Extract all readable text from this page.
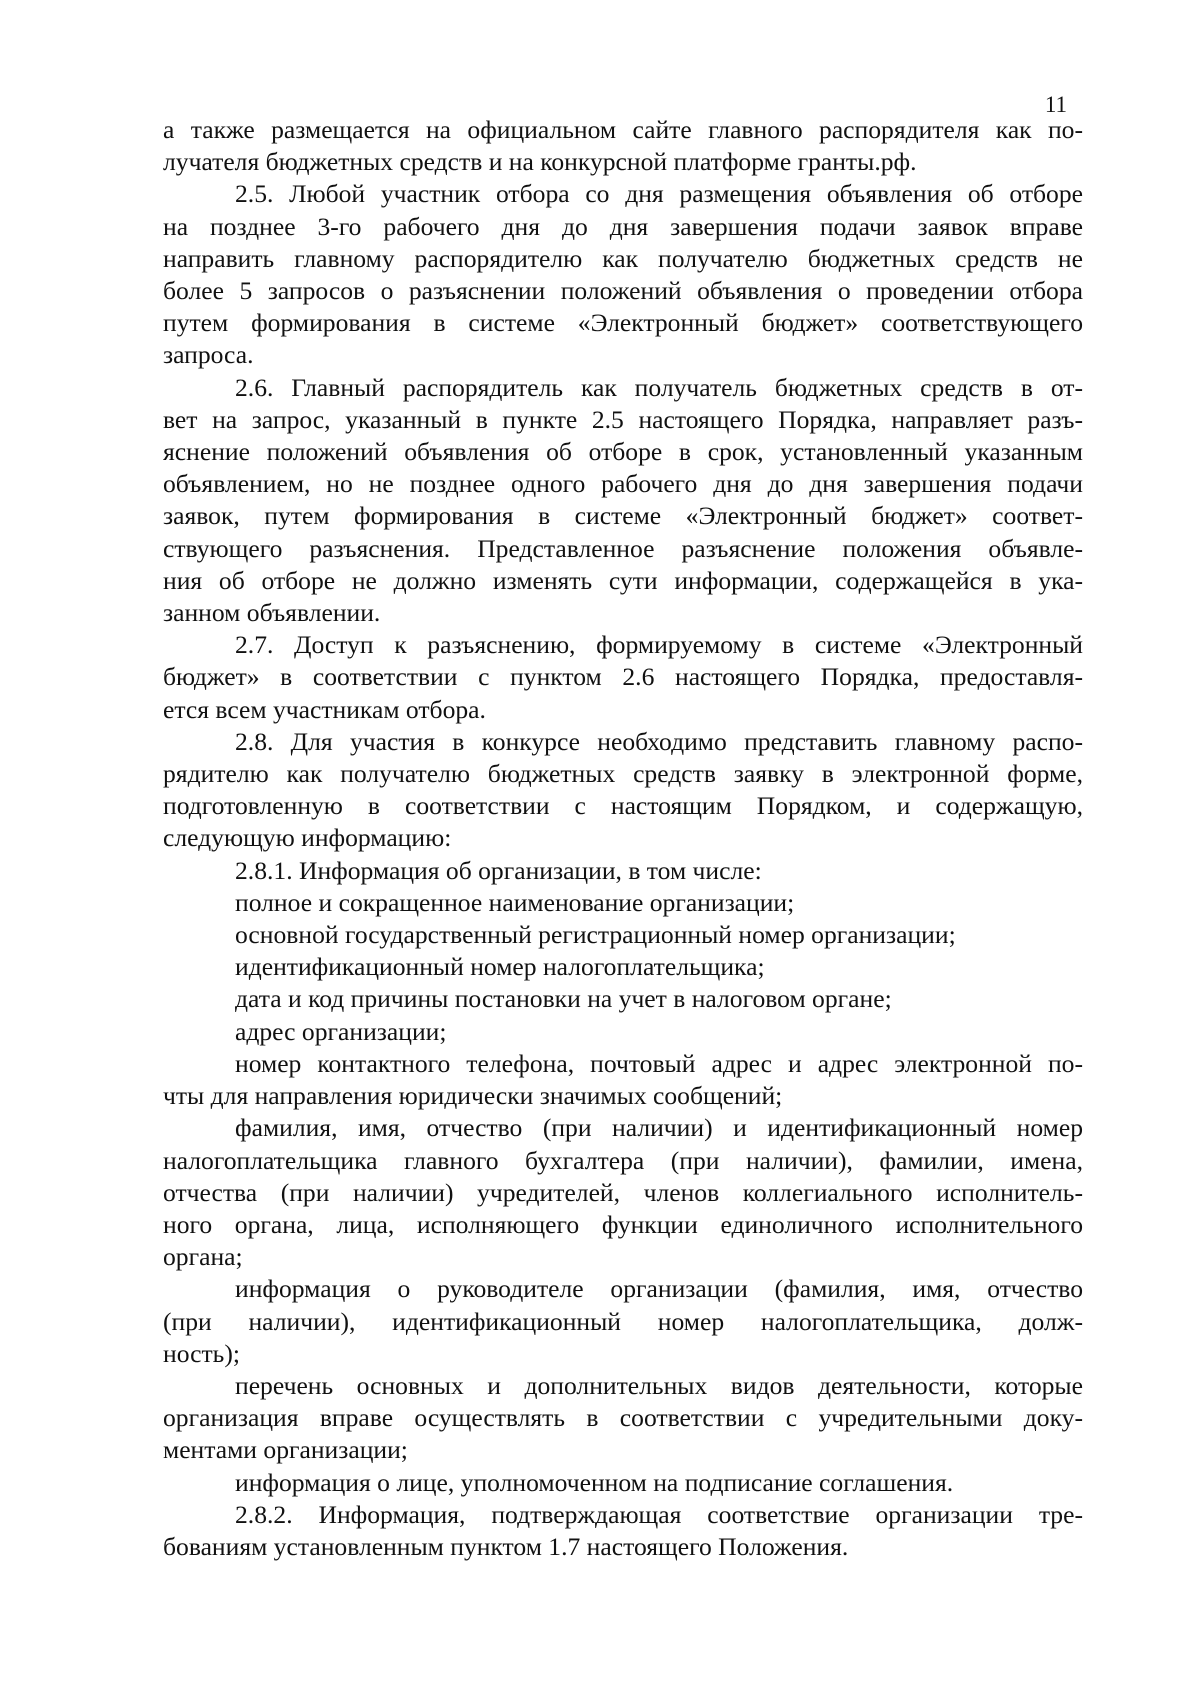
11
а также размещается на официальном сайте главного распорядителя как по-
лучателя бюджетных средств и на конкурсной платформе гранты.рф.
2.5. Любой участник отбора со дня размещения объявления об отборе
на позднее 3-го рабочего дня до дня завершения подачи заявок вправе
направить главному распорядителю как получателю бюджетных средств не
более 5 запросов о разъяснении положений объявления о проведении отбора
путем формирования в системе «Электронный бюджет» соответствующего
запроса.
2.6. Главный распорядитель как получатель бюджетных средств в от-
вет на запрос, указанный в пункте 2.5 настоящего Порядка, направляет разъ-
яснение положений объявления об отборе в срок, установленный указанным
объявлением, но не позднее одного рабочего дня до дня завершения подачи
заявок, путем формирования в системе «Электронный бюджет» соответ-
ствующего разъяснения. Представленное разъяснение положения объявле-
ния об отборе не должно изменять сути информации, содержащейся в ука-
занном объявлении.
2.7. Доступ к разъяснению, формируемому в системе «Электронный
бюджет» в соответствии с пунктом 2.6 настоящего Порядка, предоставля-
ется всем участникам отбора.
2.8. Для участия в конкурсе необходимо представить главному распо-
рядителю как получателю бюджетных средств заявку в электронной форме,
подготовленную в соответствии с настоящим Порядком, и содержащую,
следующую информацию:
2.8.1. Информация об организации, в том числе:
полное и сокращенное наименование организации;
основной государственный регистрационный номер организации;
идентификационный номер налогоплательщика;
дата и код причины постановки на учет в налоговом органе;
адрес организации;
номер контактного телефона, почтовый адрес и адрес электронной по-
чты для направления юридически значимых сообщений;
фамилия, имя, отчество (при наличии) и идентификационный номер
налогоплательщика главного бухгалтера (при наличии), фамилии, имена,
отчества (при наличии) учредителей, членов коллегиального исполнитель-
ного органа, лица, исполняющего функции единоличного исполнительного
органа;
информация о руководителе организации (фамилия, имя, отчество
(при наличии), идентификационный номер налогоплательщика, долж-
ность);
перечень основных и дополнительных видов деятельности, которые
организация вправе осуществлять в соответствии с учредительными доку-
ментами организации;
информация о лице, уполномоченном на подписание соглашения.
2.8.2. Информация, подтверждающая соответствие организации тре-
бованиям установленным пунктом 1.7 настоящего Положения.
